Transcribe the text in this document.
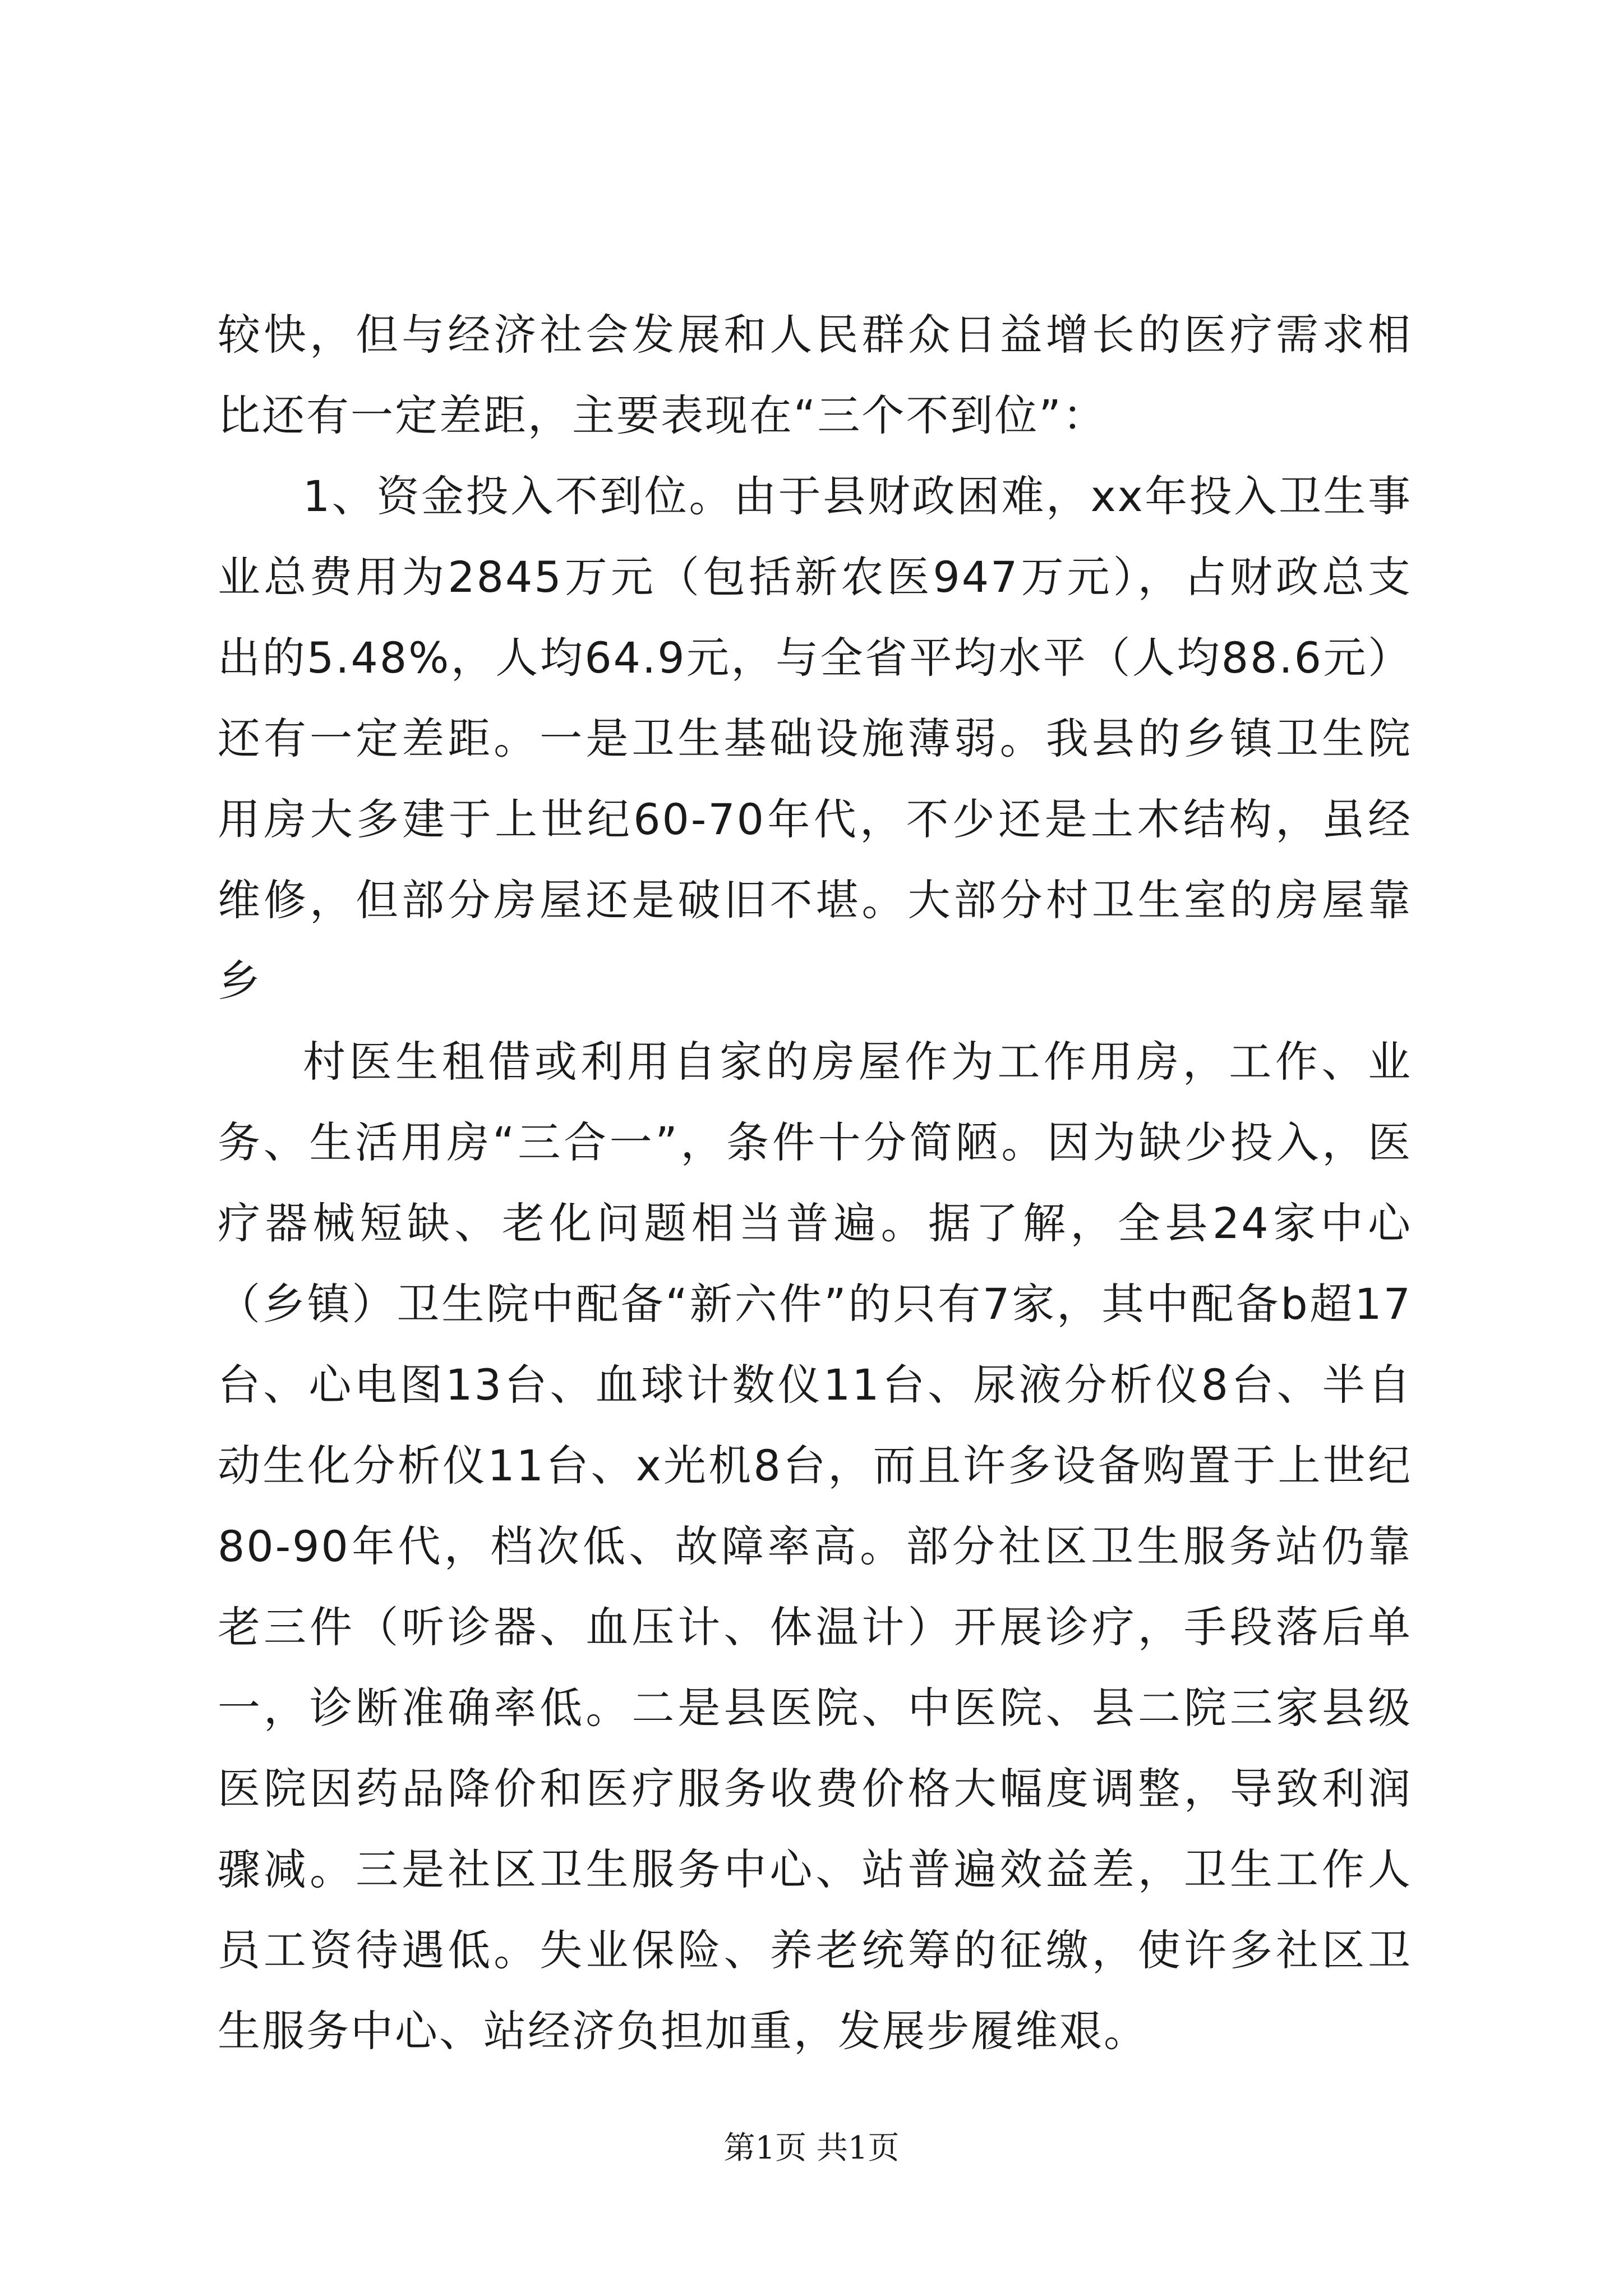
较快，但与经济社会发展和人民群众日益增长的医疗需求相比还有一定差距，主要表现在“三个不到位”：

1、资金投入不到位。由于县财政困难，xx年投入卫生事业总费用为2845万元（包括新农医947万元），占财政总支出的5.48%，人均64.9元，与全省平均水平（人均88.6元）还有一定差距。一是卫生基础设施薄弱。我县的乡镇卫生院用房大多建于上世纪60-70年代，不少还是土木结构，虽经维修，但部分房屋还是破旧不堪。大部分村卫生室的房屋靠乡

村医生租借或利用自家的房屋作为工作用房，工作、业务、生活用房“三合一”，条件十分简陋。因为缺少投入，医疗器械短缺、老化问题相当普遍。据了解，全县24家中心（乡镇）卫生院中配备“新六件”的只有7家，其中配备b超17台、心电图13台、血球计数仪11台、尿液分析仪8台、半自动生化分析仪11台、x光机8台，而且许多设备购置于上世纪80-90年代，档次低、故障率高。部分社区卫生服务站仍靠老三件（听诊器、血压计、体温计）开展诊疗，手段落后单一，诊断准确率低。二是县医院、中医院、县二院三家县级医院因药品降价和医疗服务收费价格大幅度调整，导致利润骤减。三是社区卫生服务中心、站普遍效益差，卫生工作人员工资待遇低。失业保险、养老统筹的征缴，使许多社区卫生服务中心、站经济负担加重，发展步履维艰。

第1页 共1页
